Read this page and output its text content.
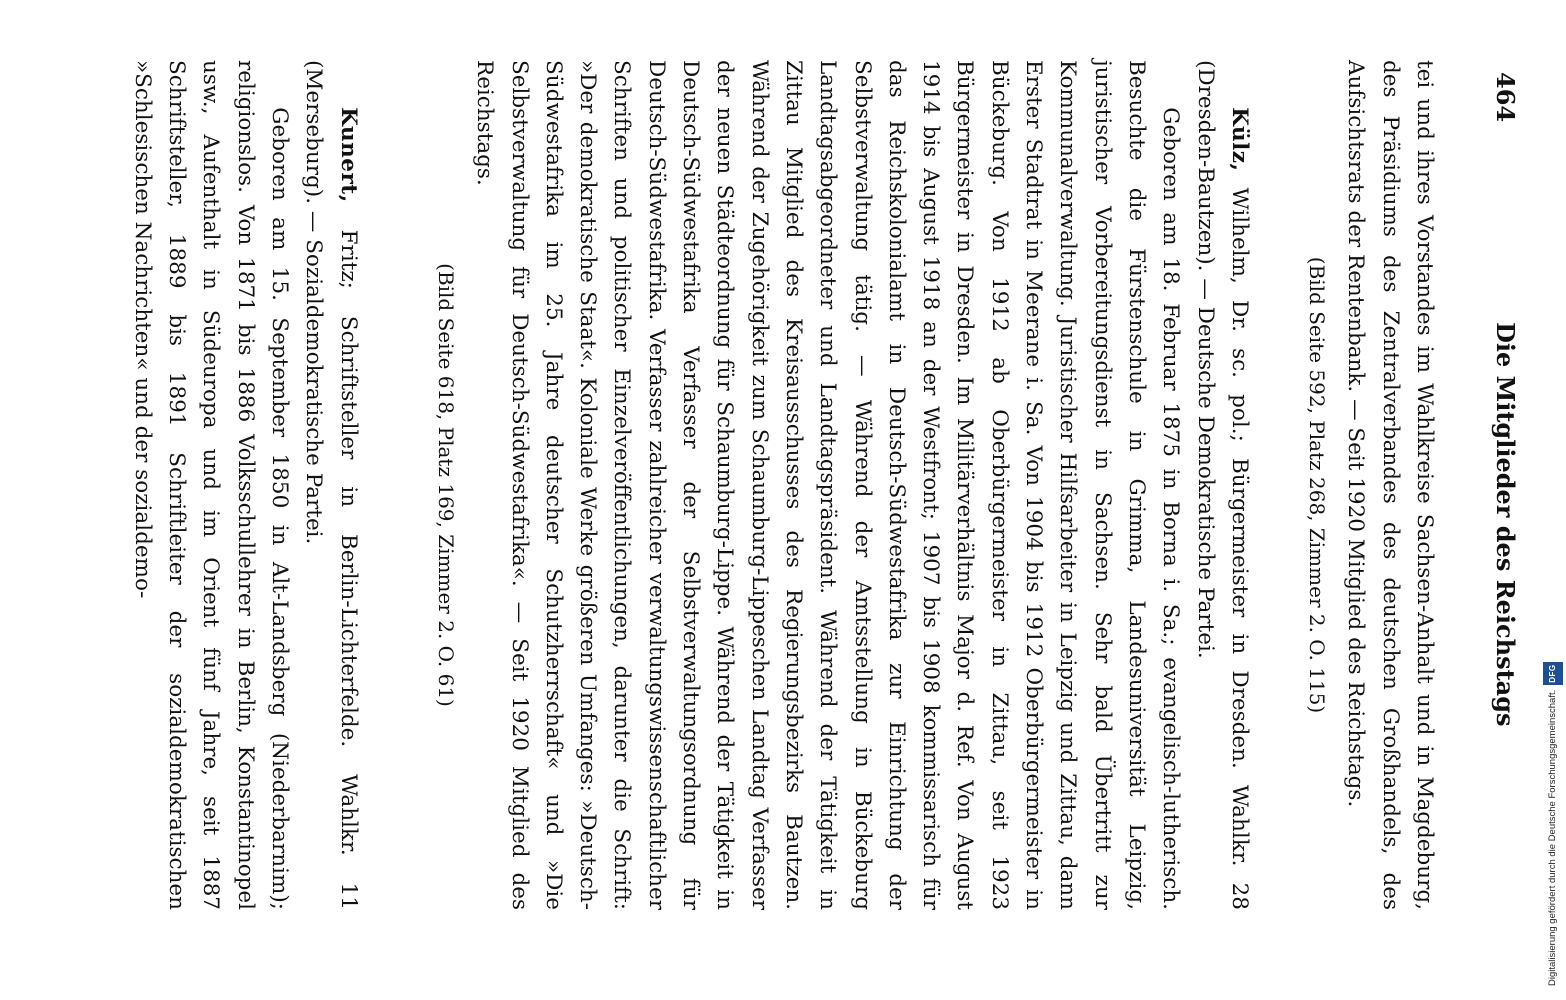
464
Die Mitglieder des Reichstags

tei und ihres Vorstandes im Wahlkreise Sachsen-Anhalt und in Magdeburg, des Präsidiums des Zentralverbandes des deutschen Großhandels, des Aufsichtsrats der Rentenbank. — Seit 1920 Mitglied des Reichstags.

(Bild Seite 592, Platz 268, Zimmer 2. O. 115)

Külz, Wilhelm, Dr. sc. pol.; Bürgermeister in Dresden. Wahlkr. 28 (Dresden-Bautzen). — Deutsche Demokratische Partei.

Geboren am 18. Februar 1875 in Borna i. Sa.; evangelisch-lutherisch. Besuchte die Fürstenschule in Grimma, Landesuniversität Leipzig, juristischer Vorbereitungsdienst in Sachsen. Sehr bald Übertritt zur Kommunalverwaltung. Juristischer Hilfsarbeiter in Leipzig und Zittau, dann Erster Stadtrat in Meerane i. Sa. Von 1904 bis 1912 Oberbürgermeister in Bückeburg. Von 1912 ab Oberbürgermeister in Zittau, seit 1923 Bürgermeister in Dresden. Im Militärverhältnis Major d. Ref. Von August 1914 bis August 1918 an der Westfront; 1907 bis 1908 kommissarisch für das Reichskolonialamt in Deutsch-Südwestafrika zur Einrichtung der Selbstverwaltung tätig. — Während der Amtsstellung in Bückeburg Landtagsabgeordneter und Landtagspräsident. Während der Tätigkeit in Zittau Mitglied des Kreisausschusses des Regierungsbezirks Bautzen. Während der Zugehörigkeit zum Schaumburg-Lippeschen Landtag Verfasser der neuen Städteordnung für Schaumburg-Lippe. Während der Tätigkeit in Deutsch-Südwestafrika Verfasser der Selbstverwaltungsordnung für Deutsch-Südwestafrika. Verfasser zahlreicher verwaltungswissenschaftlicher Schriften und politischer Einzelveröffentlichungen, darunter die Schrift: »Der demokratische Staat«. Koloniale Werke größeren Umfanges: »Deutsch-Südwestafrika im 25. Jahre deutscher Schutzherrschaft« und »Die Selbstverwaltung für Deutsch-Südwestafrika«. — Seit 1920 Mitglied des Reichstags.

(Bild Seite 618, Platz 169, Zimmer 2. O. 61)

Kunert, Fritz; Schriftsteller in Berlin-Lichterfelde. Wahlkr. 11 (Merseburg). — Sozialdemokratische Partei.

Geboren am 15. September 1850 in Alt-Landsberg (Niederbarnim); religionslos. Von 1871 bis 1886 Volksschullehrer in Berlin, Konstantinopel usw., Aufenthalt in Südeuropa und im Orient fünf Jahre, seit 1887 Schriftsteller, 1889 bis 1891 Schriftleiter der sozialdemokratischen »Schlesischen Nachrichten« und der sozialdemo-

Digitalisierung gefördert durch die Deutsche Forschungsgemeinschaft.
DFG
